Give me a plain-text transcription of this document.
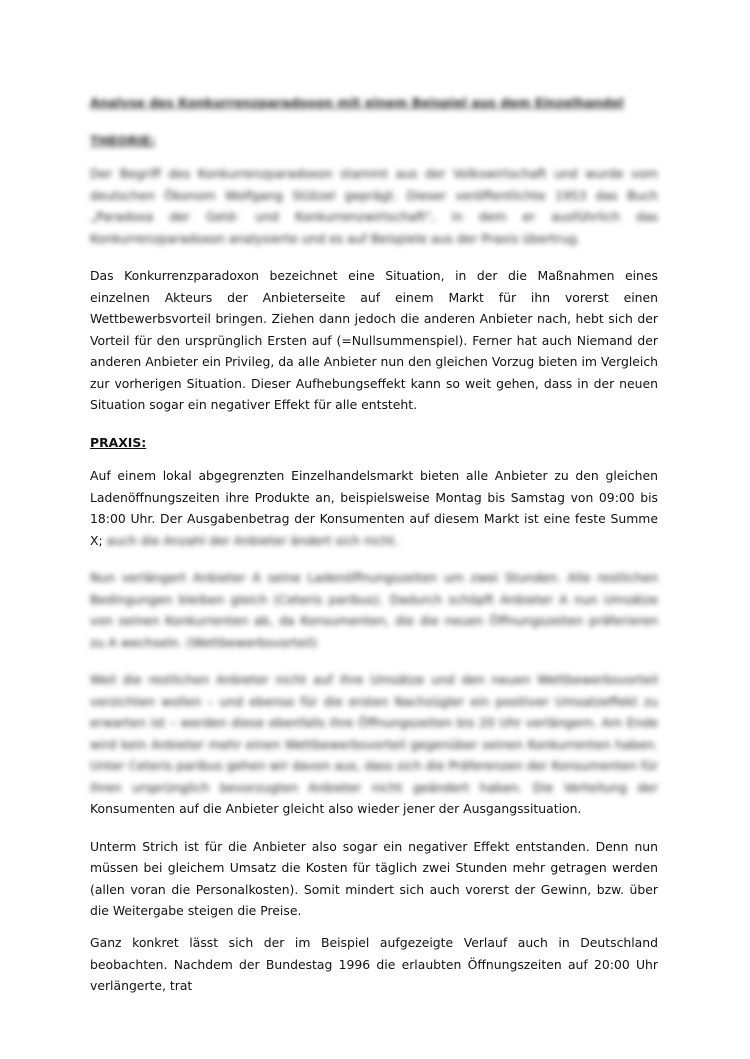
Analyse des Konkurrenzparadoxon mit einem Beispiel aus dem Einzelhandel
THEORIE:

Der Begriff des Konkurrenzparadoxon stammt aus der Volkswirtschaft und wurde vom deutschen Ökonom Wolfgang Stützel geprägt. Dieser veröffentlichte 1953 das Buch „Paradoxa der Geld- und Konkurrenzwirtschaft", in dem er ausführlich das Konkurrenzparadoxon analysierte und es auf Beispiele aus der Praxis übertrug.

Das Konkurrenzparadoxon bezeichnet eine Situation, in der die Maßnahmen eines einzelnen Akteurs der Anbieterseite auf einem Markt für ihn vorerst einen Wettbewerbsvorteil bringen. Ziehen dann jedoch die anderen Anbieter nach, hebt sich der Vorteil für den ursprünglich Ersten auf (=Nullsummenspiel). Ferner hat auch Niemand der anderen Anbieter ein Privileg, da alle Anbieter nun den gleichen Vorzug bieten im Vergleich zur vorherigen Situation. Dieser Aufhebungseffekt kann so weit gehen, dass in der neuen Situation sogar ein negativer Effekt für alle entsteht.

PRAXIS:

Auf einem lokal abgegrenzten Einzelhandelsmarkt bieten alle Anbieter zu den gleichen Ladenöffnungszeiten ihre Produkte an, beispielsweise Montag bis Samstag von 09:00 bis 18:00 Uhr. Der Ausgabenbetrag der Konsumenten auf diesem Markt ist eine feste Summe X; auch die Anzahl der Anbieter ändert sich nicht.

Nun verlängert Anbieter A seine Ladenöffnungszeiten um zwei Stunden. Alle restlichen Bedingungen bleiben gleich (Ceteris paribus). Dadurch schöpft Anbieter A nun Umsätze von seinen Konkurrenten ab, da Konsumenten, die die neuen Öffnungszeiten präferieren zu A wechseln. (Wettbewerbsvorteil)

Weil die restlichen Anbieter nicht auf ihre Umsätze und den neuen Wettbewerbsvorteil verzichten wollen – und ebenso für die ersten Nachzügler ein positiver Umsatzeffekt zu erwarten ist – werden diese ebenfalls ihre Öffnungszeiten bis 20 Uhr verlängern. Am Ende wird kein Anbieter mehr einen Wettbewerbsvorteil gegenüber seinen Konkurrenten haben. Unter Ceteris paribus gehen wir davon aus, dass sich die Präferenzen der Konsumenten für ihren ursprünglich bevorzugten Anbieter nicht geändert haben. Die Verteilung der Konsumenten auf die Anbieter gleicht also wieder jener der Ausgangssituation.

Unterm Strich ist für die Anbieter also sogar ein negativer Effekt entstanden. Denn nun müssen bei gleichem Umsatz die Kosten für täglich zwei Stunden mehr getragen werden (allen voran die Personalkosten). Somit mindert sich auch vorerst der Gewinn, bzw. über die Weitergabe steigen die Preise.

Ganz konkret lässt sich der im Beispiel aufgezeigte Verlauf auch in Deutschland beobachten. Nachdem der Bundestag 1996 die erlaubten Öffnungszeiten auf 20:00 Uhr verlängerte, trat
